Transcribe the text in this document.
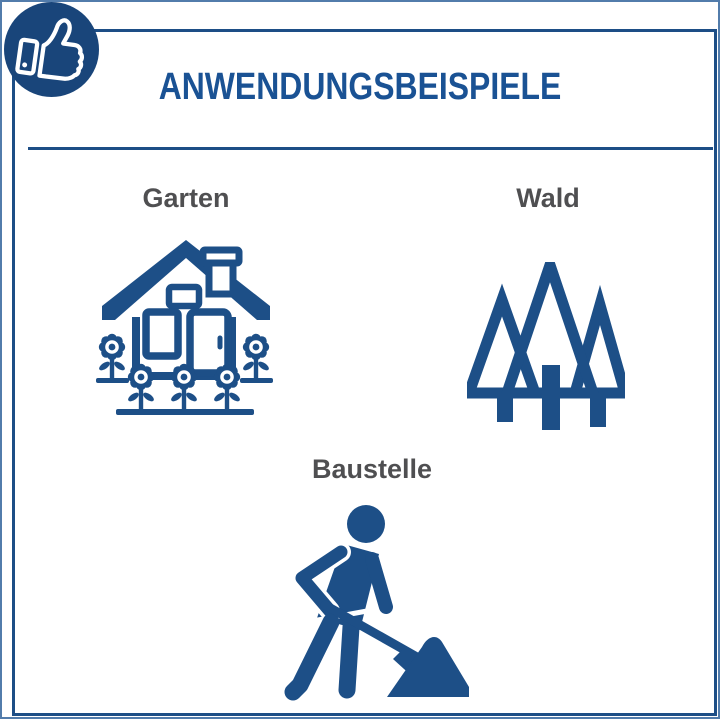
ANWENDUNGSBEISPIELE
Garten	Wald
Baustelle
